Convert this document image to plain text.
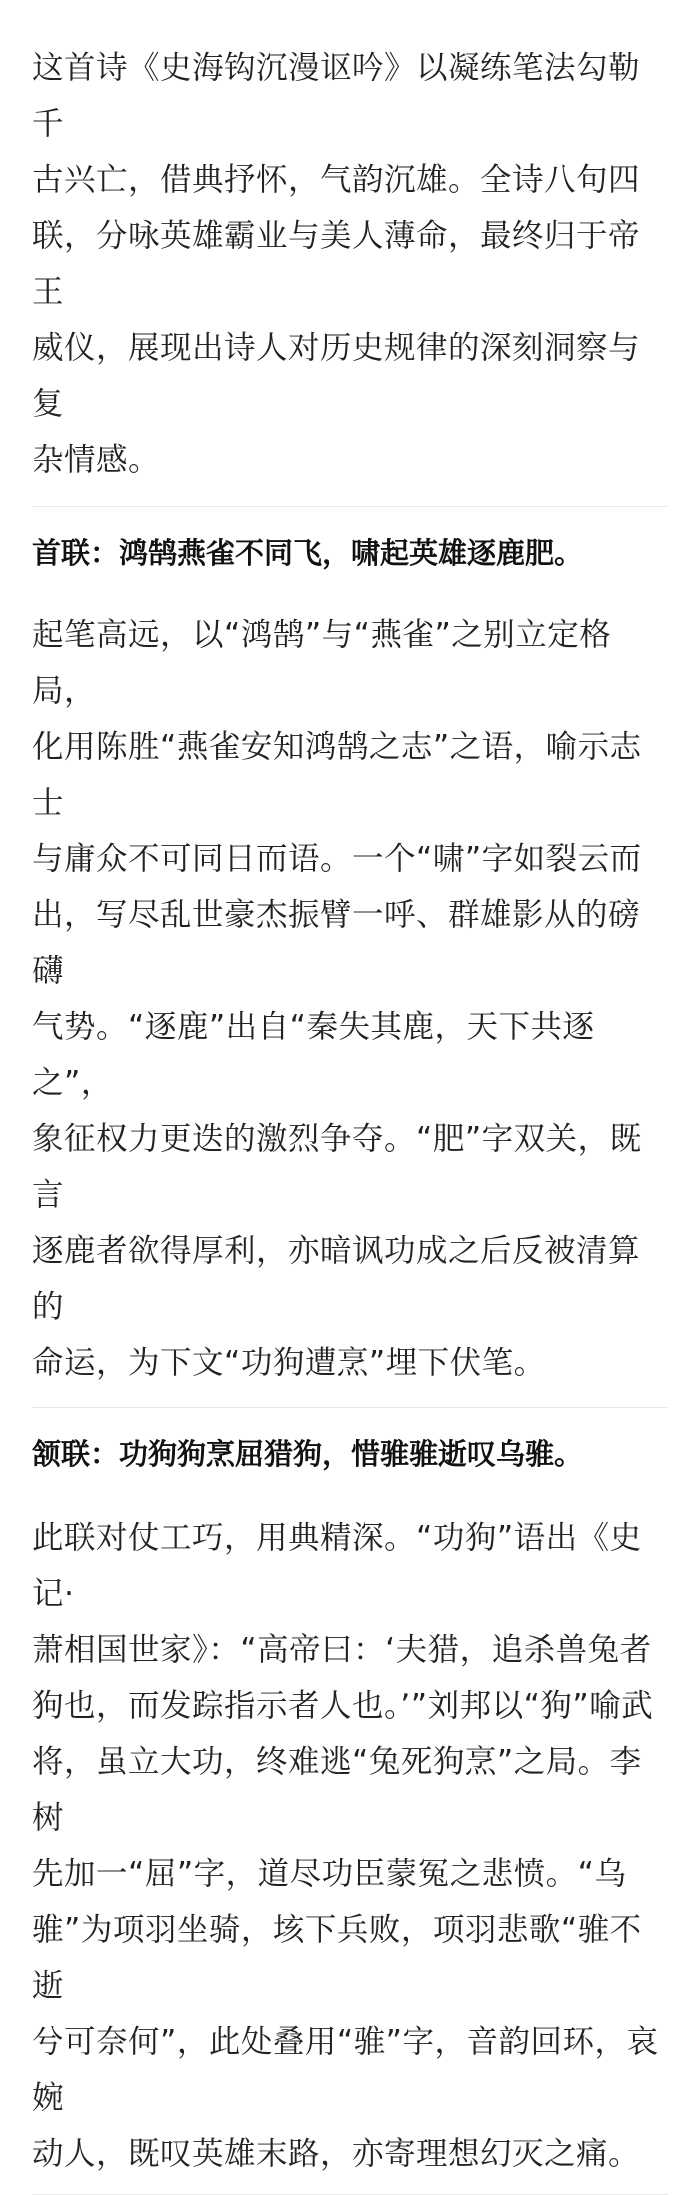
这首诗《史海钩沉漫讴吟》以凝练笔法勾勒千
古兴亡，借典抒怀，气韵沉雄。全诗八句四
联，分咏英雄霸业与美人薄命，最终归于帝王
威仪，展现出诗人对历史规律的深刻洞察与复
杂情感。

首联：鸿鹄燕雀不同飞，啸起英雄逐鹿肥。

起笔高远，以“鸿鹄”与“燕雀”之别立定格局，
化用陈胜“燕雀安知鸿鹄之志”之语，喻示志士
与庸众不可同日而语。一个“啸”字如裂云而
出，写尽乱世豪杰振臂一呼、群雄影从的磅礴
气势。“逐鹿”出自“秦失其鹿，天下共逐之”，
象征权力更迭的激烈争夺。“肥”字双关，既言
逐鹿者欲得厚利，亦暗讽功成之后反被清算的
命运，为下文“功狗遭烹”埋下伏笔。

颔联：功狗狗烹屈猎狗，惜骓骓逝叹乌骓。

此联对仗工巧，用典精深。“功狗”语出《史记·
萧相国世家》：“高帝曰：‘夫猎，追杀兽兔者
狗也，而发踪指示者人也。’”刘邦以“狗”喻武
将，虽立大功，终难逃“兔死狗烹”之局。李树
先加一“屈”字，道尽功臣蒙冤之悲愤。“乌
骓”为项羽坐骑，垓下兵败，项羽悲歌“骓不逝
兮可奈何”，此处叠用“骓”字，音韵回环，哀婉
动人，既叹英雄末路，亦寄理想幻灭之痛。
